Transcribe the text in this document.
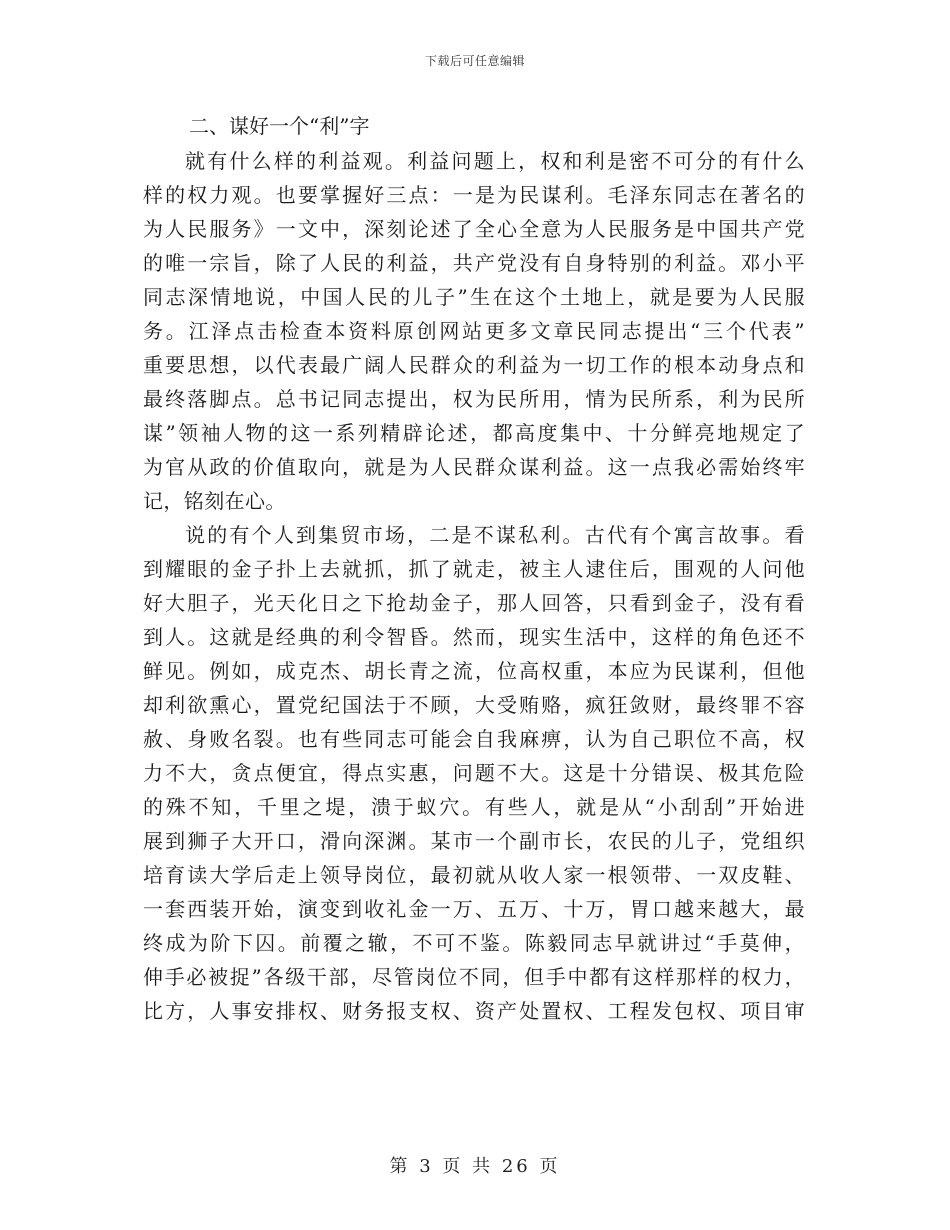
下载后可任意编辑
二、谋好一个“利”字
就有什么样的利益观。利益问题上，权和利是密不可分的有什么
样的权力观。也要掌握好三点：一是为民谋利。毛泽东同志在著名的
为人民服务》一文中，深刻论述了全心全意为人民服务是中国共产党
的唯一宗旨，除了人民的利益，共产党没有自身特别的利益。邓小平
同志深情地说，中国人民的儿子”生在这个土地上，就是要为人民服
务。江泽点击检查本资料原创网站更多文章民同志提出“三个代表”
重要思想，以代表最广阔人民群众的利益为一切工作的根本动身点和
最终落脚点。总书记同志提出，权为民所用，情为民所系，利为民所
谋”领袖人物的这一系列精辟论述，都高度集中、十分鲜亮地规定了
为官从政的价值取向，就是为人民群众谋利益。这一点我必需始终牢
记，铭刻在心。
说的有个人到集贸市场，二是不谋私利。古代有个寓言故事。看
到耀眼的金子扑上去就抓，抓了就走，被主人逮住后，围观的人问他
好大胆子，光天化日之下抢劫金子，那人回答，只看到金子，没有看
到人。这就是经典的利令智昏。然而，现实生活中，这样的角色还不
鲜见。例如，成克杰、胡长青之流，位高权重，本应为民谋利，但他
却利欲熏心，置党纪国法于不顾，大受贿赂，疯狂敛财，最终罪不容
赦、身败名裂。也有些同志可能会自我麻痹，认为自己职位不高，权
力不大，贪点便宜，得点实惠，问题不大。这是十分错误、极其危险
的殊不知，千里之堤，溃于蚁穴。有些人，就是从“小刮刮”开始进
展到狮子大开口，滑向深渊。某市一个副市长，农民的儿子，党组织
培育读大学后走上领导岗位，最初就从收人家一根领带、一双皮鞋、
一套西装开始，演变到收礼金一万、五万、十万，胃口越来越大，最
终成为阶下囚。前覆之辙，不可不鉴。陈毅同志早就讲过“手莫伸，
伸手必被捉”各级干部，尽管岗位不同，但手中都有这样那样的权力，
比方，人事安排权、财务报支权、资产处置权、工程发包权、项目审
第 3 页 共 26 页
